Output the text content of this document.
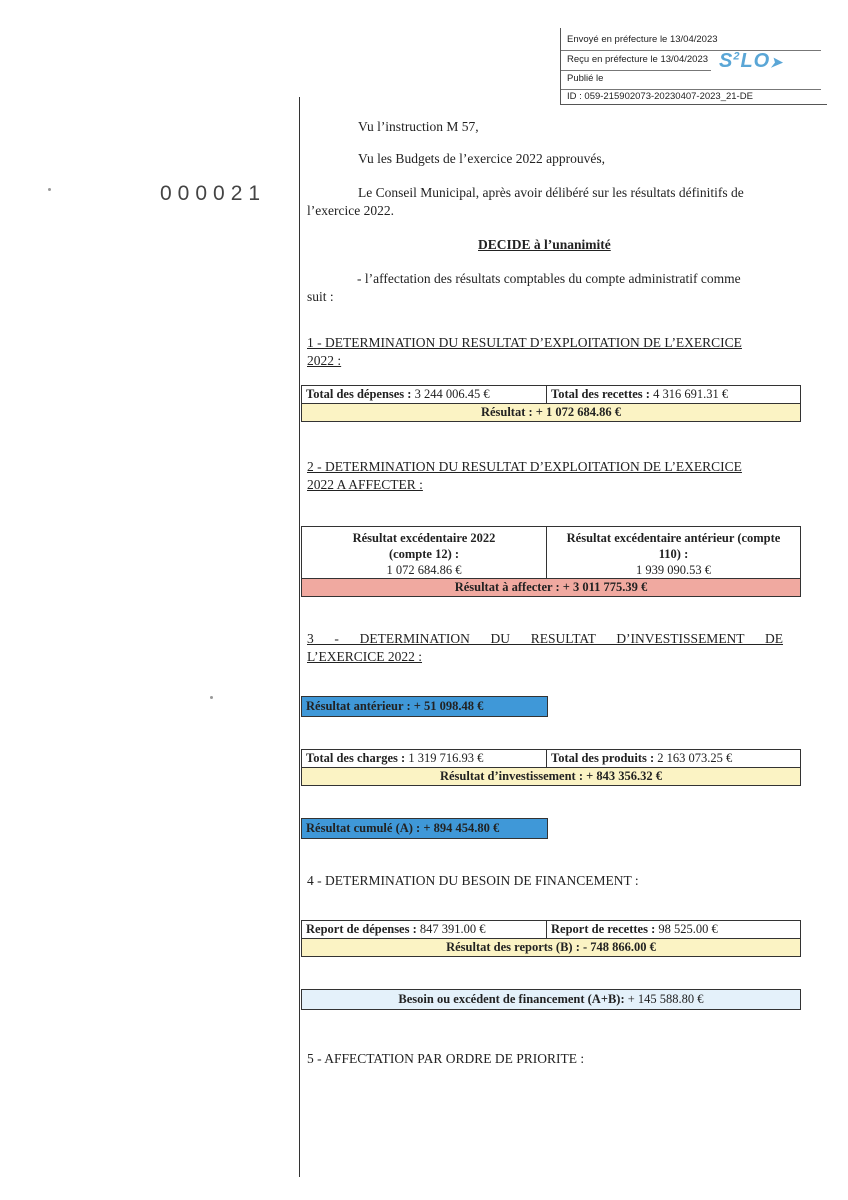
Envoyé en préfecture le 13/04/2023
Reçu en préfecture le 13/04/2023
Publié le
ID : 059-215902073-20230407-2023_21-DE
$S^2LO➤$
000021
Vu l’instruction M 57,
Vu les Budgets de l’exercice 2022 approuvés,
Le Conseil Municipal, après avoir délibéré sur les résultats définitifs de
l’exercice 2022.
DECIDE à l’unanimité
- l’affectation des résultats comptables du compte administratif comme
suit :
1 - DETERMINATION DU RESULTAT D’EXPLOITATION DE L’EXERCICE
2022 :
Total des dépenses : 3 244 006.45 €	Total des recettes : 4 316 691.31 €
Résultat : + 1 072 684.86 €
2 - DETERMINATION DU RESULTAT D’EXPLOITATION DE L’EXERCICE
2022 A AFFECTER :
Résultat excédentaire 2022
(compte 12) :
1 072 684.86 €

Résultat excédentaire antérieur (compte
110) :
1 939 090.53 €

Résultat à affecter : + 3 011 775.39 €
3 - DETERMINATION DU RESULTAT D’INVESTISSEMENT DE
L’EXERCICE 2022 :
Résultat antérieur : + 51 098.48 €
Total des charges : 1 319 716.93 €	Total des produits : 2 163 073.25 €
Résultat d’investissement : + 843 356.32 €
Résultat cumulé (A) : + 894 454.80 €
4 - DETERMINATION DU BESOIN DE FINANCEMENT :
Report de dépenses : 847 391.00 €	Report de recettes : 98 525.00 €
Résultat des reports (B) : - 748 866.00 €
Besoin ou excédent de financement (A+B): + 145 588.80 €
5 - AFFECTATION PAR ORDRE DE PRIORITE :
